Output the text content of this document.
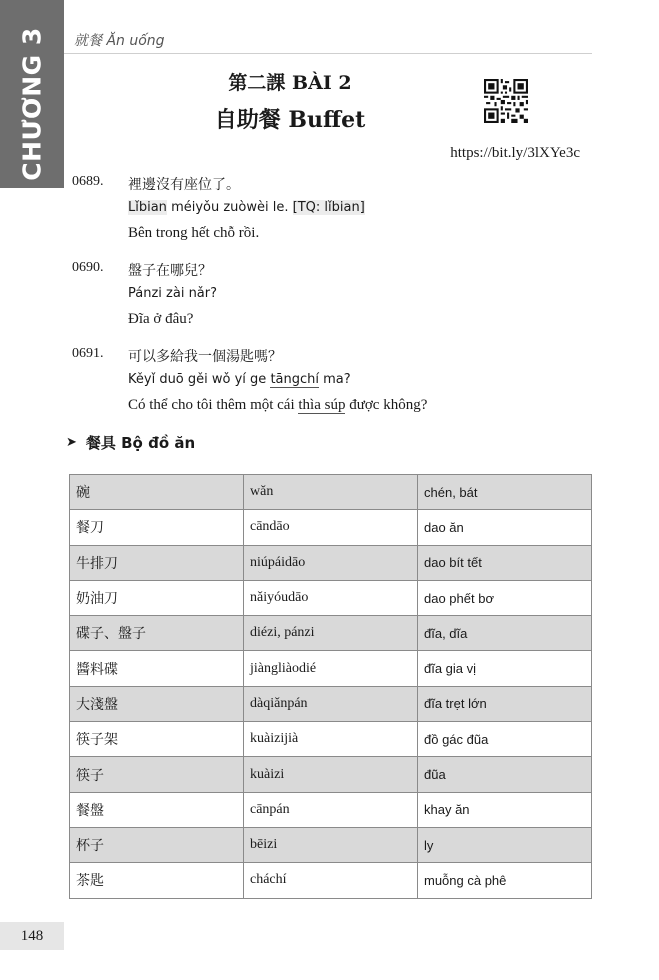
CHƯƠNG 3 就餐 Ăn uống
第二課 BÀI 2
自助餐 Buffet
https://bit.ly/3lXYe3c
0689.	裡邊沒有座位了。
Lǐbian méiyǒu zuòwèi le. [TQ: lǐbian]
Bên trong hết chỗ rồi.
0690.	盤子在哪兒？
Pánzi zài nǎr?
Đĩa ở đâu?
0691.	可以多給我一個湯匙嗎？
Kěyǐ duō gěi wǒ yí ge tāngchí ma?
Có thể cho tôi thêm một cái thìa súp được không?
➤ 餐具 Bộ đồ ăn
碗	wǎn	chén, bát
餐刀	cāndāo	dao ăn
牛排刀	niúpáidāo	dao bít tết
奶油刀	nǎiyóudāo	dao phết bơ
碟子、盤子	diézi, pánzi	đĩa, dĩa
醬料碟	jiàngliàodié	đĩa gia vị
大淺盤	dàqiǎnpán	đĩa trẹt lớn
筷子架	kuàizijià	đồ gác đũa
筷子	kuàizi	đũa
餐盤	cānpán	khay ăn
杯子	bēizi	ly
茶匙	cháchí	muỗng cà phê
148
